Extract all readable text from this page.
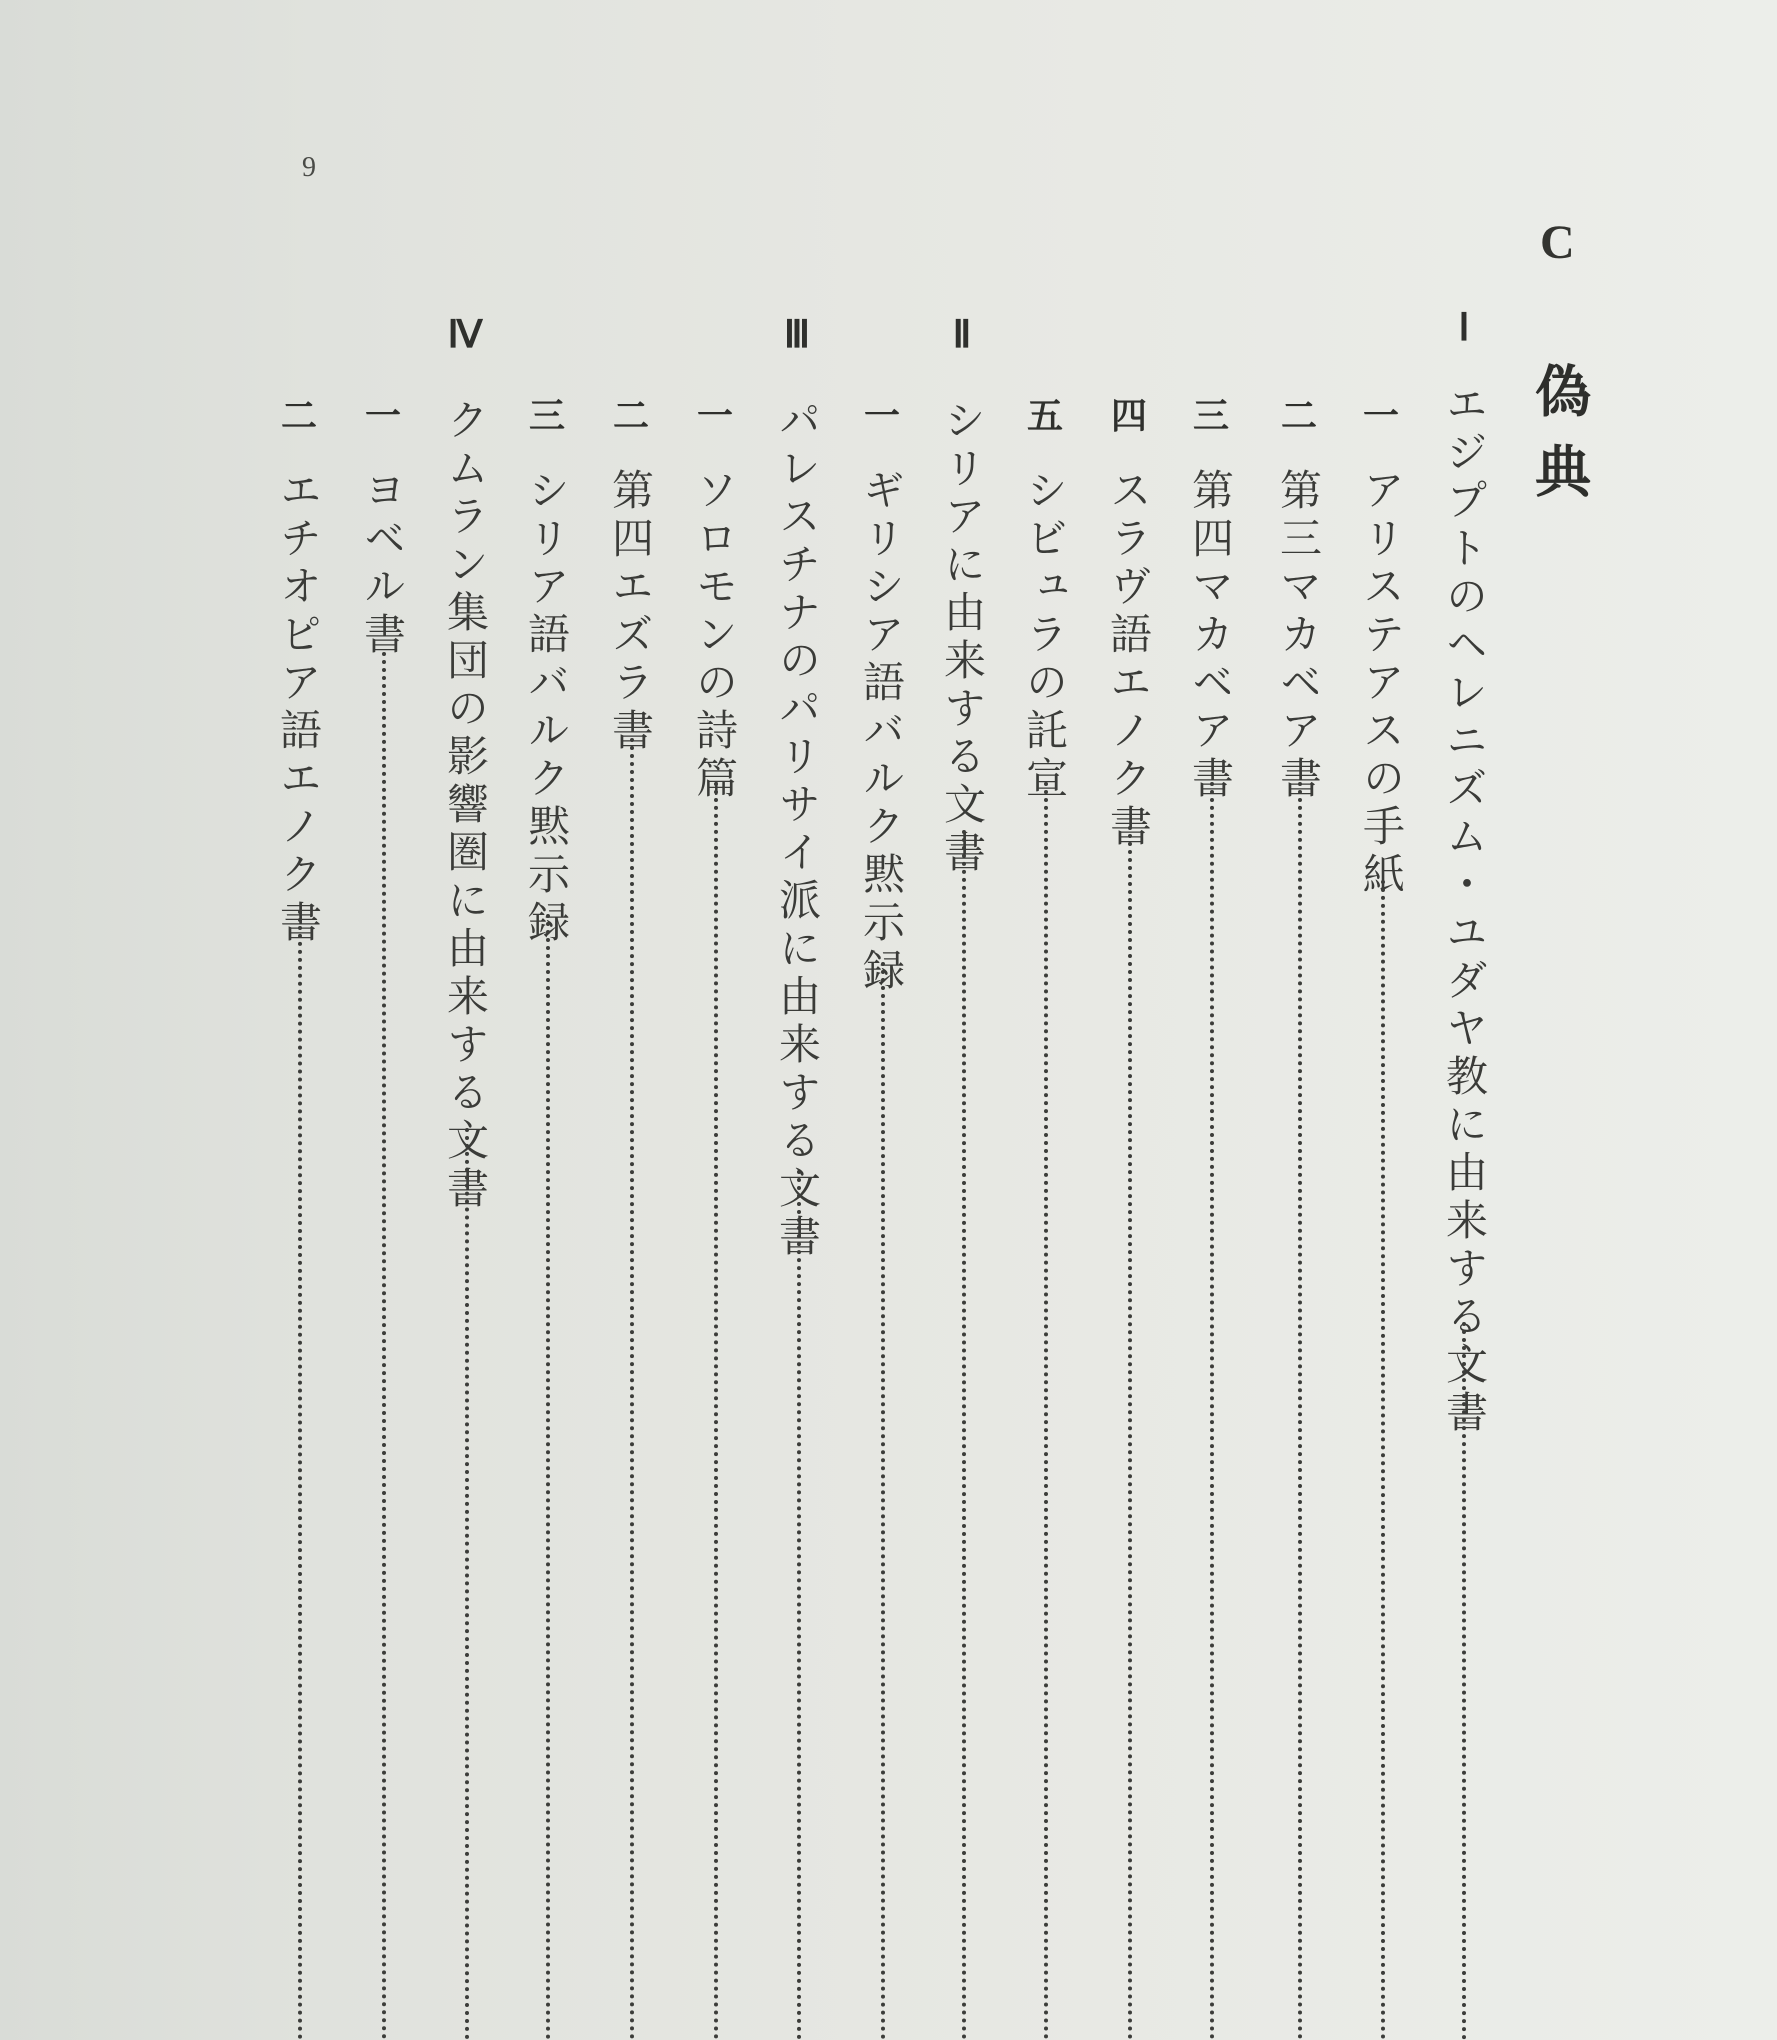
9
C
偽典
Ⅰ
エジプトのヘレニズム・ユダヤ教に由来する文書
一
アリステアスの手紙
二
第三マカベア書
三
第四マカベア書
四
スラヴ語エノク書
五
シビュラの託宣
Ⅱ
シリアに由来する文書
一
ギリシア語バルク黙示録
Ⅲ
パレスチナのパリサイ派に由来する文書
一
ソロモンの詩篇
二
第四エズラ書
三
シリア語バルク黙示録
Ⅳ
クムラン集団の影響圏に由来する文書
一
ヨベル書
二
エチオピア語エノク書
